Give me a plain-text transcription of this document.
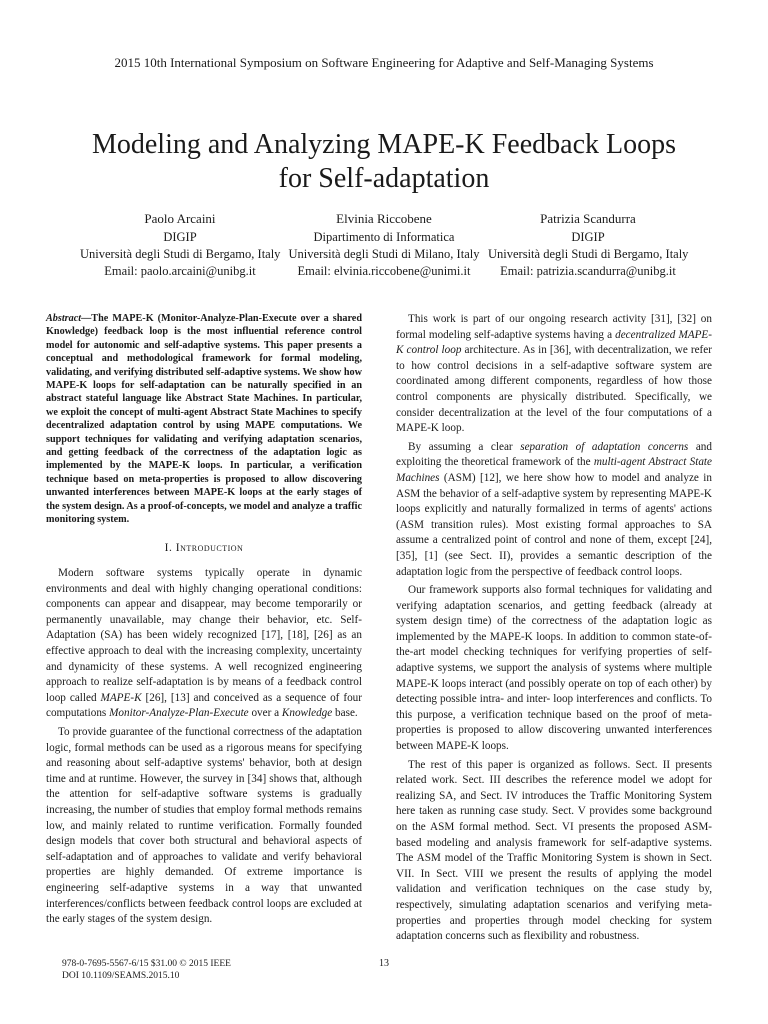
2015 10th International Symposium on Software Engineering for Adaptive and Self-Managing Systems
Modeling and Analyzing MAPE-K Feedback Loops
for Self-adaptation
Paolo Arcaini
DIGIP
Università degli Studi di Bergamo, Italy
Email: paolo.arcaini@unibg.it
Elvinia Riccobene
Dipartimento di Informatica
Università degli Studi di Milano, Italy
Email: elvinia.riccobene@unimi.it
Patrizia Scandurra
DIGIP
Università degli Studi di Bergamo, Italy
Email: patrizia.scandurra@unibg.it

Abstract—The MAPE-K (Monitor-Analyze-Plan-Execute over a shared Knowledge) feedback loop is the most influential reference control model for autonomic and self-adaptive systems. This paper presents a conceptual and methodological framework for formal modeling, validating, and verifying distributed self-adaptive systems. We show how MAPE-K loops for self-adaptation can be naturally specified in an abstract stateful language like Abstract State Machines. In particular, we exploit the concept of multi-agent Abstract State Machines to specify decentralized adaptation control by using MAPE computations. We support techniques for validating and verifying adaptation scenarios, and getting feedback of the correctness of the adaptation logic as implemented by the MAPE-K loops. In particular, a verification technique based on meta-properties is proposed to allow discovering unwanted interferences between MAPE-K loops at the early stages of the system design. As a proof-of-concepts, we model and analyze a traffic monitoring system.

I. Introduction

Modern software systems typically operate in dynamic environments and deal with highly changing operational conditions: components can appear and disappear, may become temporarily or permanently unavailable, may change their behavior, etc. Self-Adaptation (SA) has been widely recognized [17], [18], [26] as an effective approach to deal with the increasing complexity, uncertainty and dynamicity of these systems. A well recognized engineering approach to realize self-adaptation is by means of a feedback control loop called MAPE-K [26], [13] and conceived as a sequence of four computations Monitor-Analyze-Plan-Execute over a Knowledge base.

To provide guarantee of the functional correctness of the adaptation logic, formal methods can be used as a rigorous means for specifying and reasoning about self-adaptive systems' behavior, both at design time and at runtime. However, the survey in [34] shows that, although the attention for self-adaptive software systems is gradually increasing, the number of studies that employ formal methods remains low, and mainly related to runtime verification. Formally founded design models that cover both structural and behavioral aspects of self-adaptation and of approaches to validate and verify behavioral properties are highly demanded. Of extreme importance is engineering self-adaptive systems in a way that unwanted interferences/conflicts between feedback control loops are excluded at the early stages of the system design.

This work is part of our ongoing research activity [31], [32] on formal modeling self-adaptive systems having a decentralized MAPE-K control loop architecture. As in [36], with decentralization, we refer to how control decisions in a self-adaptive software system are coordinated among different components, regardless of how those control components are physically distributed. Specifically, we consider decentralization at the level of the four computations of a MAPE-K loop.

By assuming a clear separation of adaptation concerns and exploiting the theoretical framework of the multi-agent Abstract State Machines (ASM) [12], we here show how to model and analyze in ASM the behavior of a self-adaptive system by representing MAPE-K loops explicitly and naturally formalized in terms of agents' actions (ASM transition rules). Most existing formal approaches to SA assume a centralized point of control and none of them, except [24], [35], [1] (see Sect. II), provides a semantic description of the adaptation logic from the perspective of feedback control loops.

Our framework supports also formal techniques for validating and verifying adaptation scenarios, and getting feedback (already at system design time) of the correctness of the adaptation logic as implemented by the MAPE-K loops. In addition to common state-of-the-art model checking techniques for verifying properties of self-adaptive systems, we support the analysis of systems where multiple MAPE-K loops interact (and possibly operate on top of each other) by detecting possible intra- and inter- loop interferences and conflicts. To this purpose, a verification technique based on the proof of meta-properties is proposed to allow discovering unwanted interferences between MAPE-K loops.

The rest of this paper is organized as follows. Sect. II presents related work. Sect. III describes the reference model we adopt for realizing SA, and Sect. IV introduces the Traffic Monitoring System here taken as running case study. Sect. V provides some background on the ASM formal method. Sect. VI presents the proposed ASM-based modeling and analysis framework for self-adaptive systems. The ASM model of the Traffic Monitoring System is shown in Sect. VII. In Sect. VIII we present the results of applying the model validation and verification techniques on the case study by, respectively, simulating adaptation scenarios and verifying meta-properties and properties through model checking for system adaptation concerns such as flexibility and robustness.

978-0-7695-5567-6/15 $31.00 © 2015 IEEE
DOI 10.1109/SEAMS.2015.10
13
